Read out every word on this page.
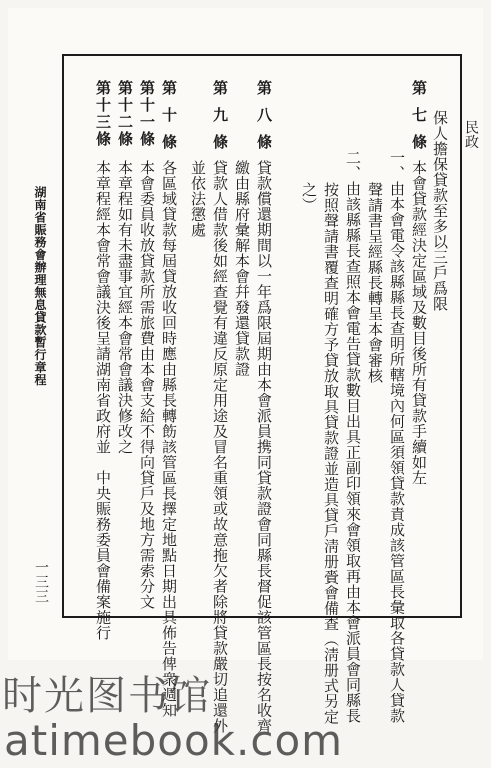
民政
湖南省賑務會辦理無息貸款暫行章程
一三三
保人擔保貸款至多以三戶爲限
第七條
本會貸款經決定區域及數目後所有貸款手續如左
一、由本會電令該縣縣長查明所轄境內何區須領貸款責成該管區長彙取各貸款人貸款
聲請書呈經縣長轉呈本會審核
二、由該縣縣長查照本會電告貸款數目出具正副印領來會領取再由本會派員會同縣長
按照聲請書覆查明確方予貸放取具貸款證並造具貸戶淸册賫會備查（淸册式另定
之）
第八條
貸款償還期間以一年爲限屆期由本會派員携同貸款證會同縣長督促該管區長按名收齊
繳由縣府彙解本會幷發還貸款證
第九條
貸款人借款後如經查覺有違反原定用途及冒名重領或故意拖欠者除將貸款嚴切追還外
並依法懲處
第十條
各區域貸款每屆貸放收回時應由縣長轉飭該管區長擇定地點日期出具佈告俾衆週知
第十一條
本會委員收放貸款所需旅費由本會支給不得向貸戶及地方需索分文
第十二條
本章程如有未盡事宜經本會常會議決修改之
第十三條
本章程經本會常會議決後呈請湖南省政府並　中央賑務委員會備案施行
时光图书馆
atimebook.com
